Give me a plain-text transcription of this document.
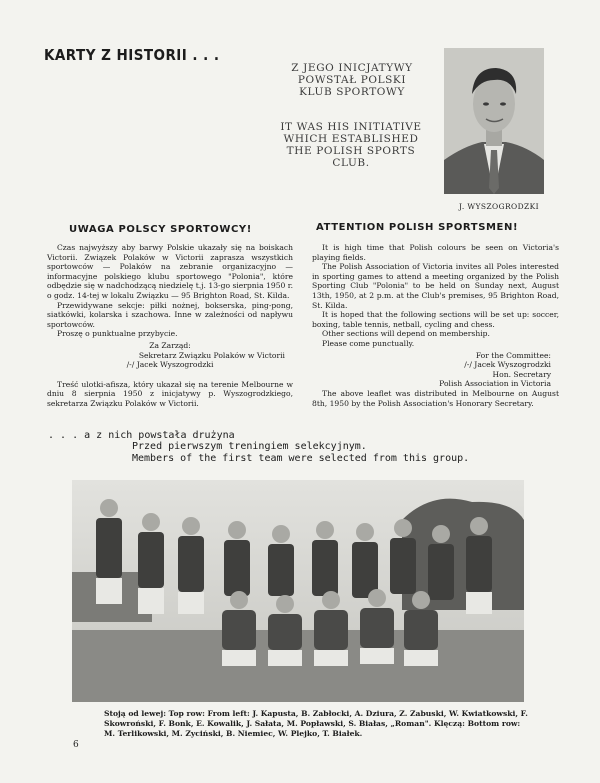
KARTY Z HISTORII . . .
Z JEGO INICJATYWY
POWSTAŁ POLSKI
KLUB SPORTOWY
IT WAS HIS INITIATIVE
WHICH ESTABLISHED
THE POLISH SPORTS
CLUB.
J. WYSZOGRODZKI
UWAGA POLSCY SPORTOWCY!	ATTENTION POLISH SPORTSMEN!

Czas najwyższy aby barwy Polskie ukazały się na boiskach Victorii. Związek Polaków w Victorii zaprasza wszystkich sportowców — Polaków na zebranie organizacyjno — informacyjne polskiego klubu sportowego "Polonia", które odbędzie się w nadchodzącą niedzielę t.j. 13-go sierpnia 1950 r. o godz. 14-tej w lokalu Związku — 95 Brighton Road, St. Kilda.

Przewidywane sekcje: piłki nożnej, bokserska, ping-pong, siatkówki, kolarska i szachowa. Inne w zależności od napływu sportowców.

Proszę o punktualne przybycie.

Za Zarząd:

Sekretarz Związku Polaków w Victorii

/-/ Jacek Wyszogrodzki

Treść ulotki-afisza, który ukazał się na terenie Melbourne w dniu 8 sierpnia 1950 z inicjatywy p. Wyszogrodzkiego, sekretarza Związku Polaków w Victorii.

It is high time that Polish colours be seen on Victoria's playing fields.

The Polish Association of Victoria invites all Poles interested in sporting games to attend a meeting organized by the Polish Sporting Club "Polonia" to be held on Sunday next, August 13th, 1950, at 2 p.m. at the Club's premises, 95 Brighton Road, St. Kilda.

It is hoped that the following sections will be set up: soccer, boxing, table tennis, netball, cycling and chess.

Other sections will depend on membership.

Please come punctually.

For the Committee:

/-/ Jacek Wyszogrodzki

Hon. Secretary

Polish Association in Victoria

The above leaflet was distributed in Melbourne on August 8th, 1950 by the Polish Association's Honorary Secretary.

. . . a z nich powstała drużyna
Przed pierwszym treningiem selekcyjnym.
Members of the first team were selected from this group.
Stoją od lewej: Top row: From left: J. Kapusta, B. Zabłocki, A. Dziura, Z. Zabuski, W. Kwiatkowski, F. Skowroński, F. Bonk, E. Kowalik, J. Sałata, M. Popławski, S. Białas, „Roman". Klęczą: Bottom row: M. Terlikowski, M. Zyciński, B. Niemiec, W. Plejko, T. Białek.
6
